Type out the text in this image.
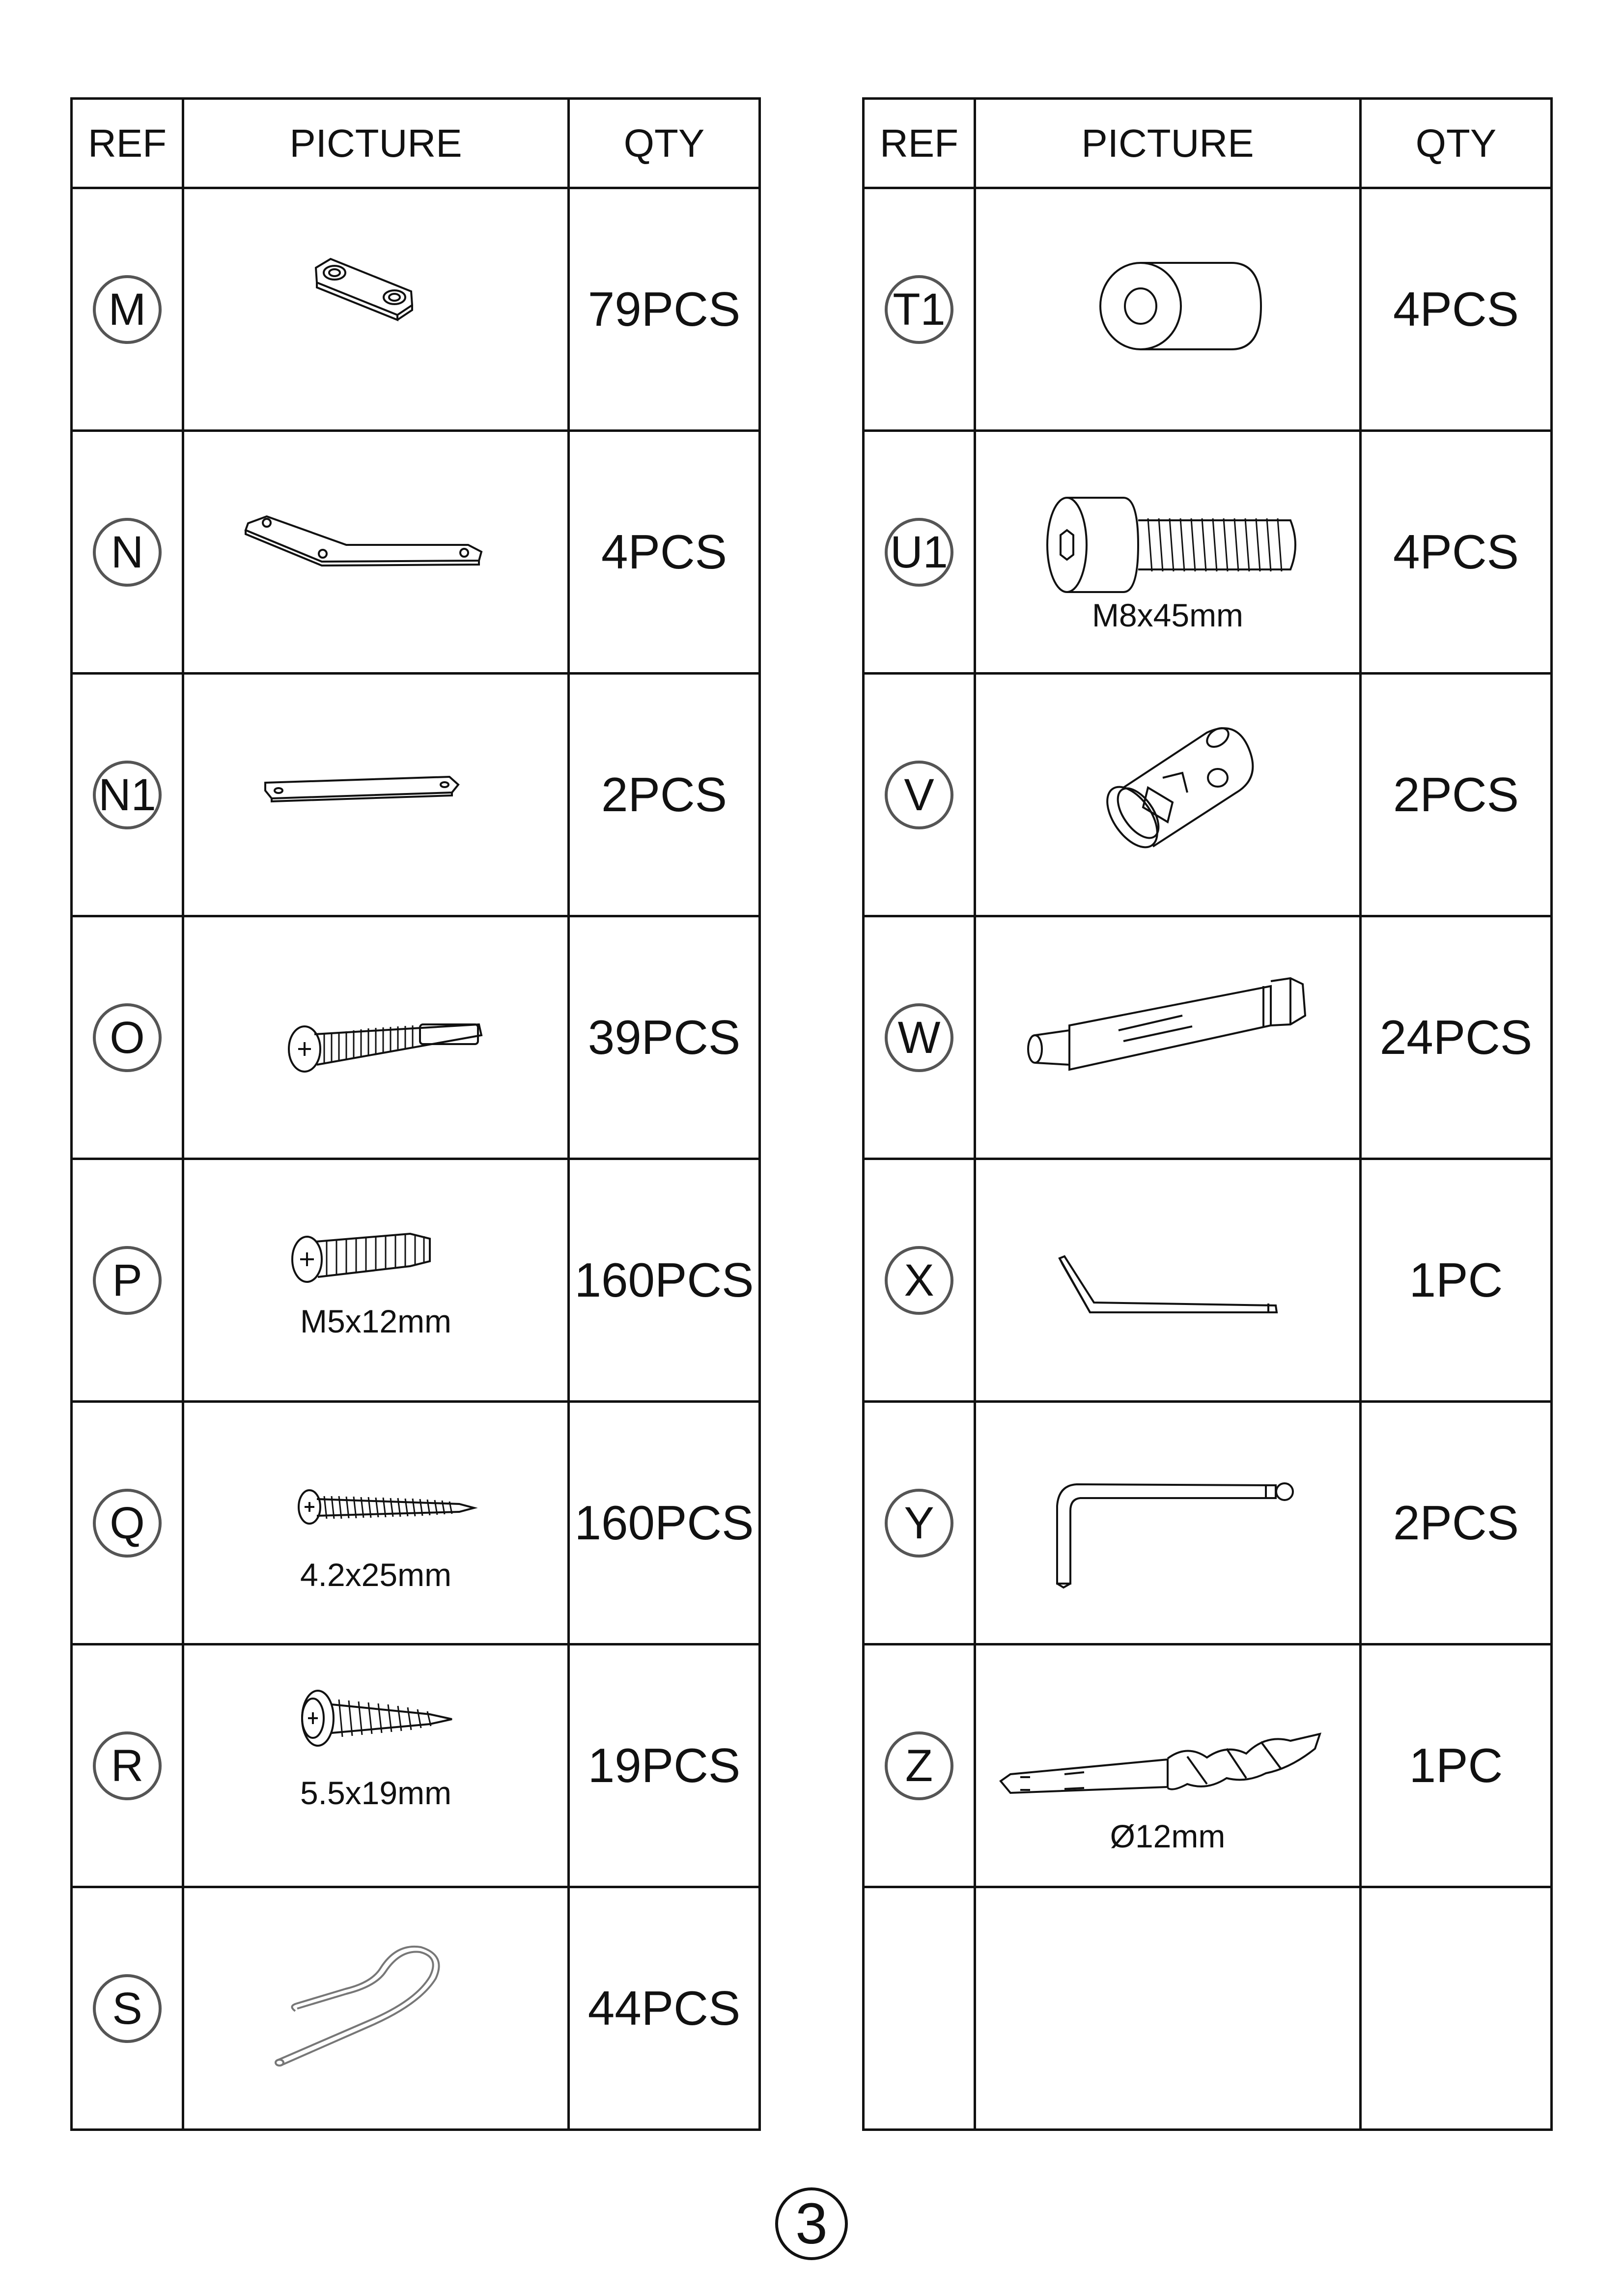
REF	PICTURE	QTY
M		79PCS
N		4PCS
N1		2PCS
O		39PCS
P	M5x12mm	160PCS
Q	4.2x25mm	160PCS
R	5.5x19mm	19PCS
S		44PCS
REF	PICTURE	QTY
T1		4PCS
U1	M8x45mm	4PCS
V		2PCS
W		24PCS
X		1PC
Y		2PCS
Z	Ø12mm	1PC

3
